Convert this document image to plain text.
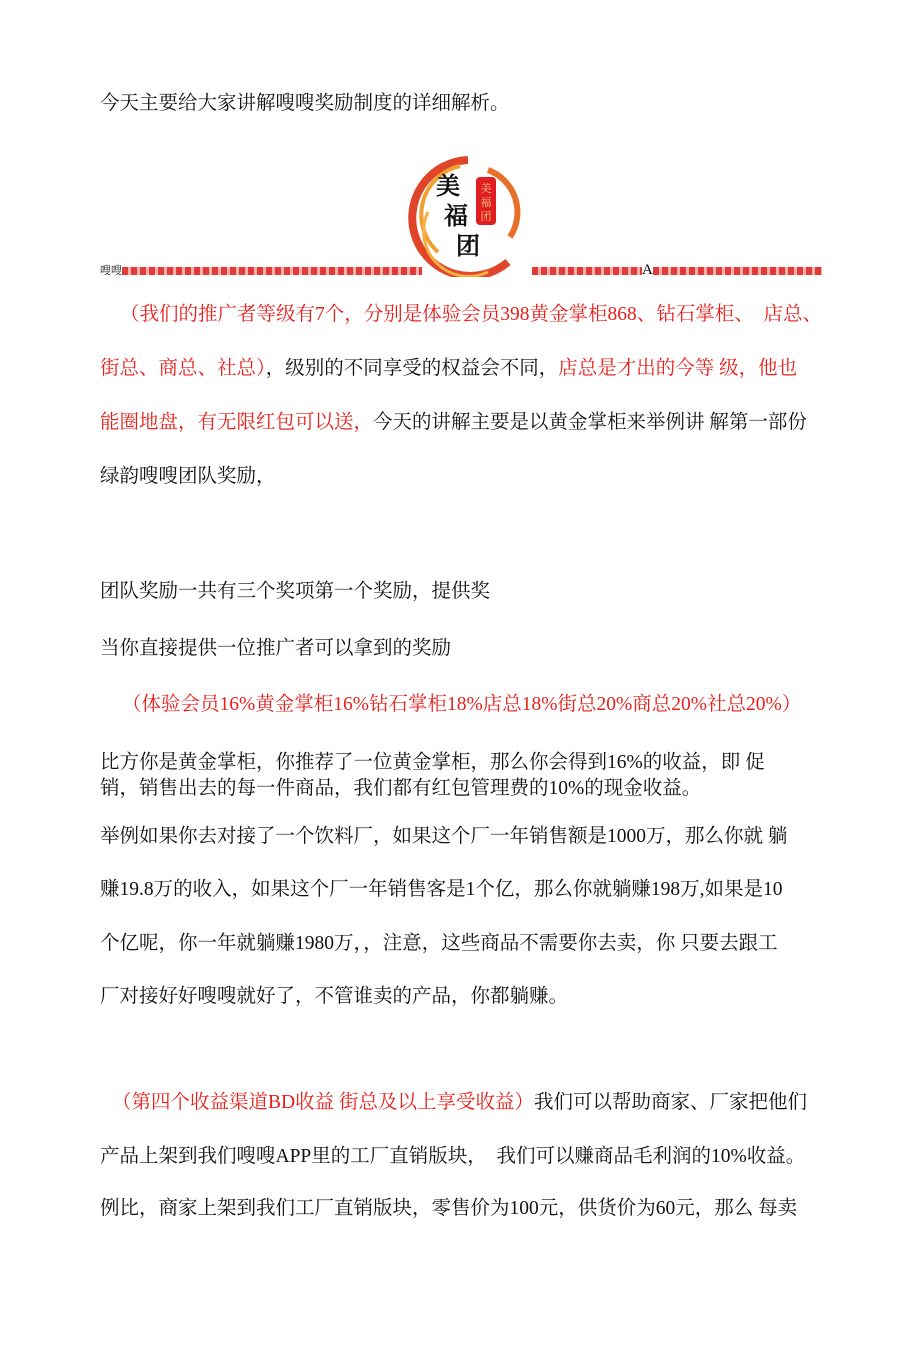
美
福
团
美
福
团
嗖嗖	A
今天主要给大家讲解嗖嗖奖励制度的详细解析。
（我们的推广者等级有7个，分别是体验会员398黄金掌柜868、钻石掌柜、　店总、
街总、商总、社总），级别的不同享受的权益会不同，店总是才出的今等 级，他也
能圈地盘，有无限红包可以送，今天的讲解主要是以黄金掌柜来举例讲 解第一部份
绿韵嗖嗖团队奖励，
团队奖励一共有三个奖项第一个奖励，提供奖
当你直接提供一位推广者可以拿到的奖励
（体验会员16%黄金掌柜16%钻石掌柜18%店总18%街总20%商总20%社总20%）
比方你是黄金掌柜，你推荐了一位黄金掌柜，那么你会得到16%的收益，即 促
销，销售出去的每一件商品，我们都有红包管理费的10%的现金收益。
举例如果你去对接了一个饮料厂，如果这个厂一年销售额是1000万，那么你就 躺
赚19.8万的收入，如果这个厂一年销售客是1个亿，那么你就躺赚198万,如果是10
个亿呢，你一年就躺赚1980万，，注意，这些商品不需要你去卖，你 只要去跟工
厂对接好好嗖嗖就好了，不管谁卖的产品，你都躺赚。
（第四个收益渠道BD收益 街总及以上享受收益）我们可以帮助商家、厂家把他们
产品上架到我们嗖嗖APP里的工厂直销版块，　我们可以赚商品毛利润的10%收益。
例比，商家上架到我们工厂直销版块，零售价为100元，供货价为60元，那么 每卖
